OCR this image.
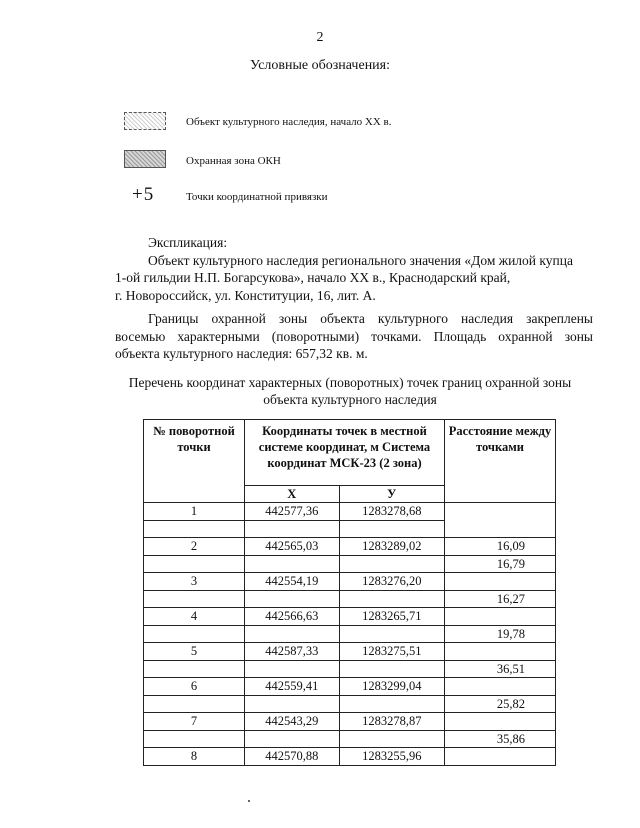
2
Условные обозначения:
Объект культурного наследия, начало XX в.
Охранная зона ОКН
+5	Точки координатной привязки
Экспликация:
Объект культурного наследия регионального значения «Дом жилой купца
1-ой гильдии Н.П. Богарсукова», начало XX в., Краснодарский край,
г. Новороссийск, ул. Конституции, 16, лит. А.
Границы охранной зоны объекта культурного наследия закреплены
восемью характерными (поворотными) точками. Площадь охранной зоны
объекта культурного наследия: 657,32 кв. м.
Перечень координат характерных (поворотных) точек границ охранной зоны
объекта культурного наследия
№ поворотной точки	Координаты точек в местной системе координат, м Система координат МСК-23 (2 зона)		Расстояние между точками
	X	У	
1	442577,36	1283278,68	

2	442565,03	1283289,02	16,09
			16,79
3	442554,19	1283276,20	
			16,27
4	442566,63	1283265,71	
			19,78
5	442587,33	1283275,51	
			36,51
6	442559,41	1283299,04	
			25,82
7	442543,29	1283278,87	
			35,86
8	442570,88	1283255,96	
